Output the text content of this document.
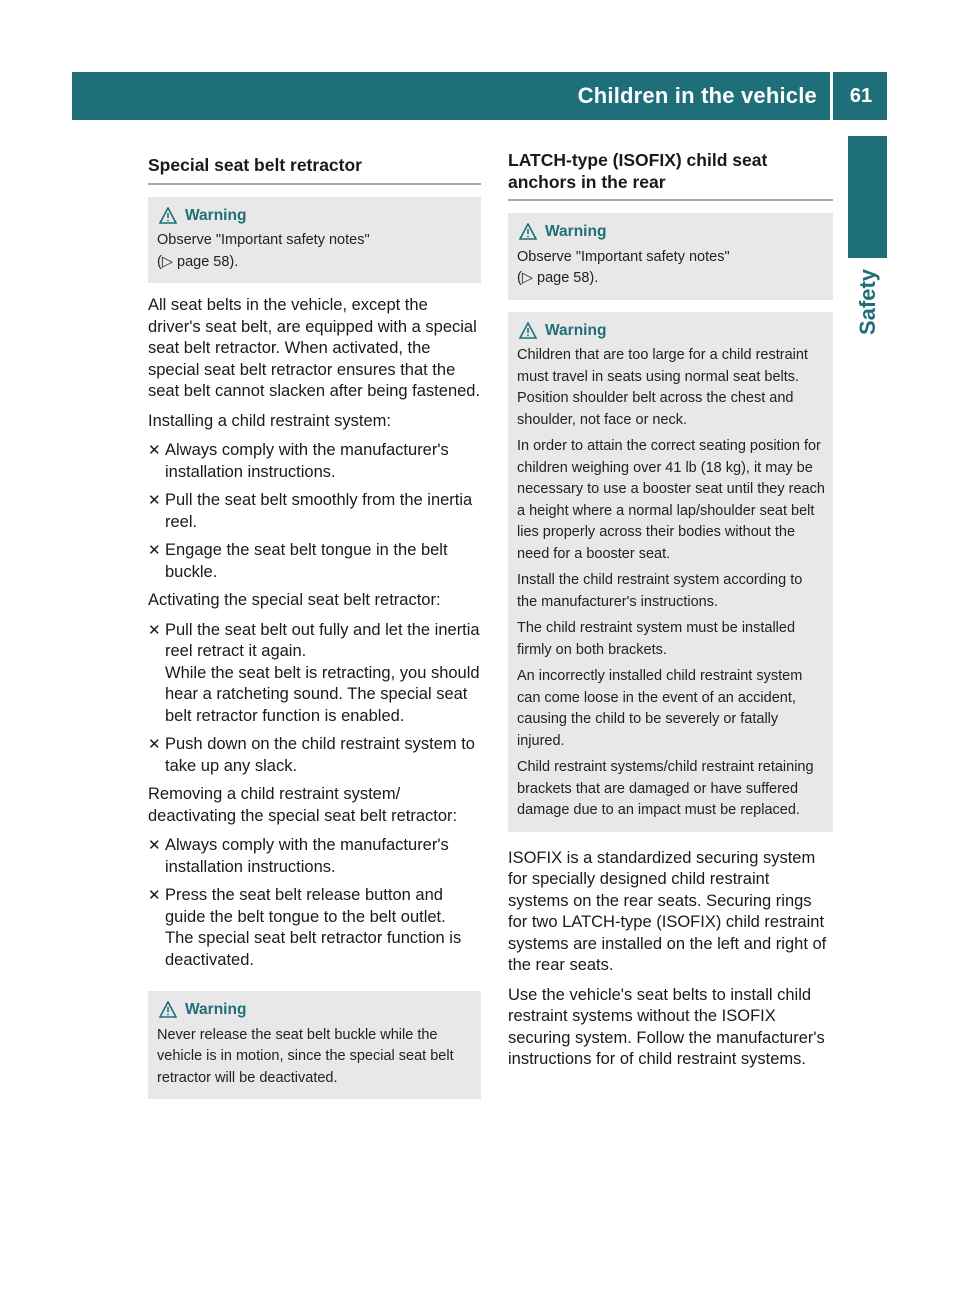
Children in the vehicle	61
Safety
Special seat belt retractor
Warning
Observe "Important safety notes"
(▷ page 58).
All seat belts in the vehicle, except the driver's seat belt, are equipped with a special seat belt retractor. When activated, the special seat belt retractor ensures that the seat belt cannot slacken after being fastened.
Installing a child restraint system:
✕ Always comply with the manufacturer's installation instructions.
✕ Pull the seat belt smoothly from the inertia reel.
✕ Engage the seat belt tongue in the belt buckle.
Activating the special seat belt retractor:
✕ Pull the seat belt out fully and let the inertia reel retract it again.
While the seat belt is retracting, you should hear a ratcheting sound. The special seat belt retractor function is enabled.
✕ Push down on the child restraint system to take up any slack.
Removing a child restraint system/ deactivating the special seat belt retractor:
✕ Always comply with the manufacturer's installation instructions.
✕ Press the seat belt release button and guide the belt tongue to the belt outlet.
The special seat belt retractor function is deactivated.
Warning
Never release the seat belt buckle while the vehicle is in motion, since the special seat belt retractor will be deactivated.
LATCH-type (ISOFIX) child seat anchors in the rear
Warning
Observe "Important safety notes"
(▷ page 58).
Warning
Children that are too large for a child restraint must travel in seats using normal seat belts. Position shoulder belt across the chest and shoulder, not face or neck.
In order to attain the correct seating position for children weighing over 41 lb (18 kg), it may be necessary to use a booster seat until they reach a height where a normal lap/shoulder seat belt lies properly across their bodies without the need for a booster seat.
Install the child restraint system according to the manufacturer's instructions.
The child restraint system must be installed firmly on both brackets.
An incorrectly installed child restraint system can come loose in the event of an accident, causing the child to be severely or fatally injured.
Child restraint systems/child restraint retaining brackets that are damaged or have suffered damage due to an impact must be replaced.
ISOFIX is a standardized securing system for specially designed child restraint systems on the rear seats. Securing rings for two LATCH-type (ISOFIX) child restraint systems are installed on the left and right of the rear seats.
Use the vehicle's seat belts to install child restraint systems without the ISOFIX securing system. Follow the manufacturer's instructions for of child restraint systems.
